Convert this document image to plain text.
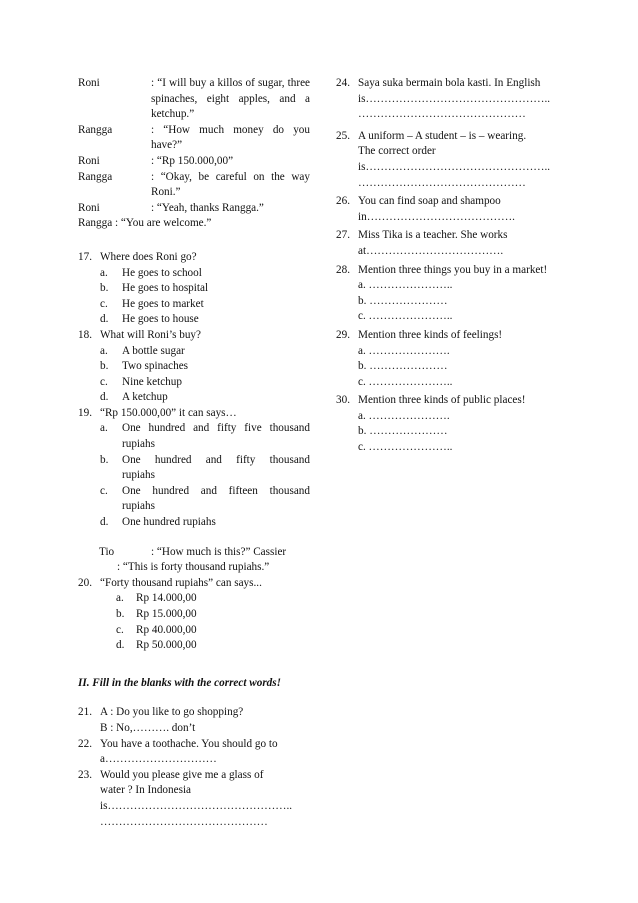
Roni	: “I will buy a killos of sugar, three spinaches, eight apples, and a ketchup.”
Rangga	: “How much money do you have?”
Roni	: “Rp 150.000,00”
Rangga	: “Okay, be careful on the way Roni.”
Roni	: “Yeah, thanks Rangga.”
Rangga : “You are welcome.”
17. Where does Roni go?
a.	He goes to school
b.	He goes to hospital
c.	He goes to market
d.	He goes to house
18. What will Roni’s buy?
a.	A bottle sugar
b.	Two spinaches
c.	Nine ketchup
d.	A ketchup
19. “Rp 150.000,00” it can says…
a.	One hundred and fifty five thousand
rupiahs
b.	One hundred and fifty thousand
rupiahs
c.	One hundred and fifteen thousand
rupiahs
d.	One hundred rupiahs
Tio	: “How much is this?” Cassier
: “This is forty thousand rupiahs.”
20. “Forty thousand rupiahs” can says...
a.	Rp 14.000,00
b.	Rp 15.000,00
c.	Rp 40.000,00
d.	Rp 50.000,00
II. Fill in the blanks with the correct words!
21. A : Do you like to go shopping?
B : No,………. don’t
22. You have a toothache. You should go to
a…………………………
23. Would you please give me a glass of
water ? In Indonesia
is…………………………………………..
………………………………………
24. Saya suka bermain bola kasti. In English
is…………………………………………..
………………………………………
25. A uniform – A student – is – wearing.
The correct order
is…………………………………………..
………………………………………
26. You can find soap and shampoo
in………………………………….
27. Miss Tika is a teacher. She works
at……………………………….
28. Mention three things you buy in a market!
a. …………………..
b. …………………
c. …………………..
29. Mention three kinds of feelings!
a. ………………….
b. …………………
c. …………………..
30. Mention three kinds of public places!
a. ………………….
b. …………………
c. …………………..
